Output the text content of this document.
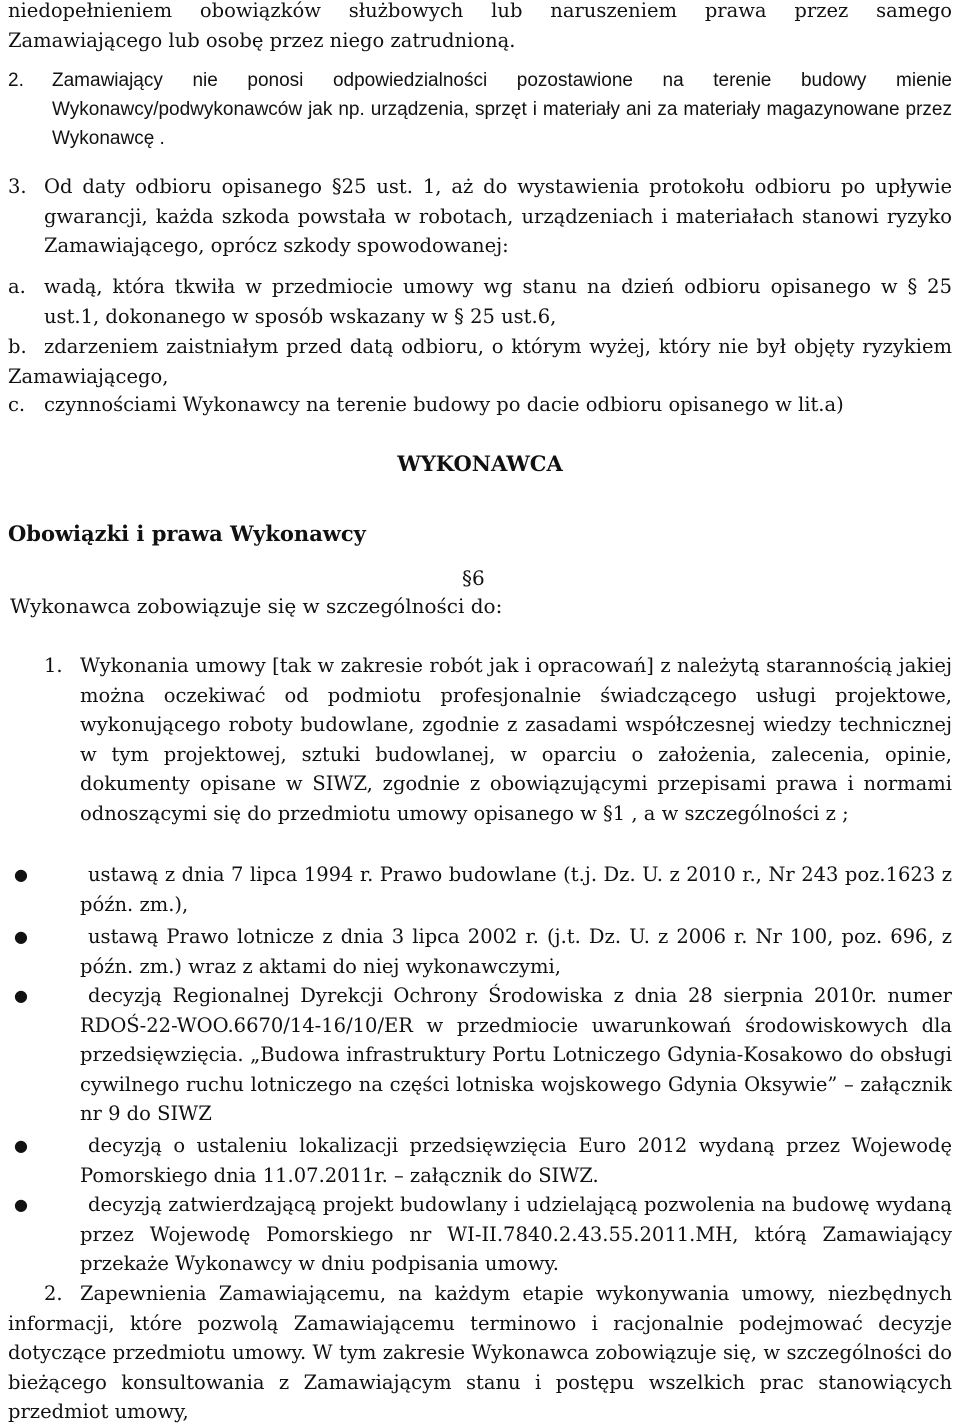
niedopełnieniem obowiązków służbowych lub naruszeniem prawa przez samego
Zamawiającego lub osobę przez niego zatrudnioną.
2.	Zamawiający nie ponosi odpowiedzialności pozostawione na terenie budowy mienie Wykonawcy/podwykonawców jak np. urządzenia, sprzęt i materiały ani za materiały magazynowane przez Wykonawcę .
3. Od daty odbioru opisanego §25 ust. 1, aż do wystawienia protokołu odbioru po upływie gwarancji, każda szkoda powstała w robotach, urządzeniach i materiałach stanowi ryzyko Zamawiającego, oprócz szkody spowodowanej:
a. wadą, która tkwiła w przedmiocie umowy wg stanu na dzień odbioru opisanego w § 25 ust.1, dokonanego w sposób wskazany w § 25 ust.6,
b. zdarzeniem zaistniałym przed datą odbioru, o którym wyżej, który nie był objęty ryzykiem Zamawiającego,
c. czynnościami Wykonawcy na terenie budowy po dacie odbioru opisanego w lit.a)
WYKONAWCA
Obowiązki i prawa Wykonawcy
§6
Wykonawca zobowiązuje się w szczególności do:
1. Wykonania umowy [tak w zakresie robót jak i opracowań] z należytą starannością jakiej można oczekiwać od podmiotu profesjonalnie świadczącego usługi projektowe, wykonującego roboty budowlane, zgodnie z zasadami współczesnej wiedzy technicznej w tym projektowej, sztuki budowlanej, w oparciu o założenia, zalecenia, opinie, dokumenty opisane w SIWZ, zgodnie z obowiązującymi przepisami prawa i normami odnoszącymi się do przedmiotu umowy opisanego w §1 , a w szczególności z ;
●	ustawą z dnia 7 lipca 1994 r. Prawo budowlane (t.j. Dz. U. z 2010 r., Nr 243 poz.1623 z późn. zm.),
●	ustawą Prawo lotnicze z dnia 3 lipca 2002 r. (j.t. Dz. U. z 2006 r. Nr 100, poz. 696, z późn. zm.) wraz z aktami do niej wykonawczymi,
●	decyzją Regionalnej Dyrekcji Ochrony Środowiska z dnia 28 sierpnia 2010r. numer RDOŚ-22-WOO.6670/14-16/10/ER w przedmiocie uwarunkowań środowiskowych dla przedsięwzięcia. „Budowa infrastruktury Portu Lotniczego Gdynia-Kosakowo do obsługi cywilnego ruchu lotniczego na części lotniska wojskowego Gdynia Oksywie” – załącznik nr 9 do SIWZ
●	decyzją o ustaleniu lokalizacji przedsięwzięcia Euro 2012 wydaną przez Wojewodę Pomorskiego dnia 11.07.2011r. – załącznik do SIWZ.
●	decyzją zatwierdzającą projekt budowlany i udzielającą pozwolenia na budowę wydaną przez Wojewodę Pomorskiego nr WI-II.7840.2.43.55.2011.MH, którą Zamawiający przekaże Wykonawcy w dniu podpisania umowy.
2. Zapewnienia Zamawiającemu, na każdym etapie wykonywania umowy, niezbędnych informacji, które pozwolą Zamawiającemu terminowo i racjonalnie podejmować decyzje dotyczące przedmiotu umowy. W tym zakresie Wykonawca zobowiązuje się, w szczególności do bieżącego konsultowania z Zamawiającym stanu i postępu wszelkich prac stanowiących przedmiot umowy,
